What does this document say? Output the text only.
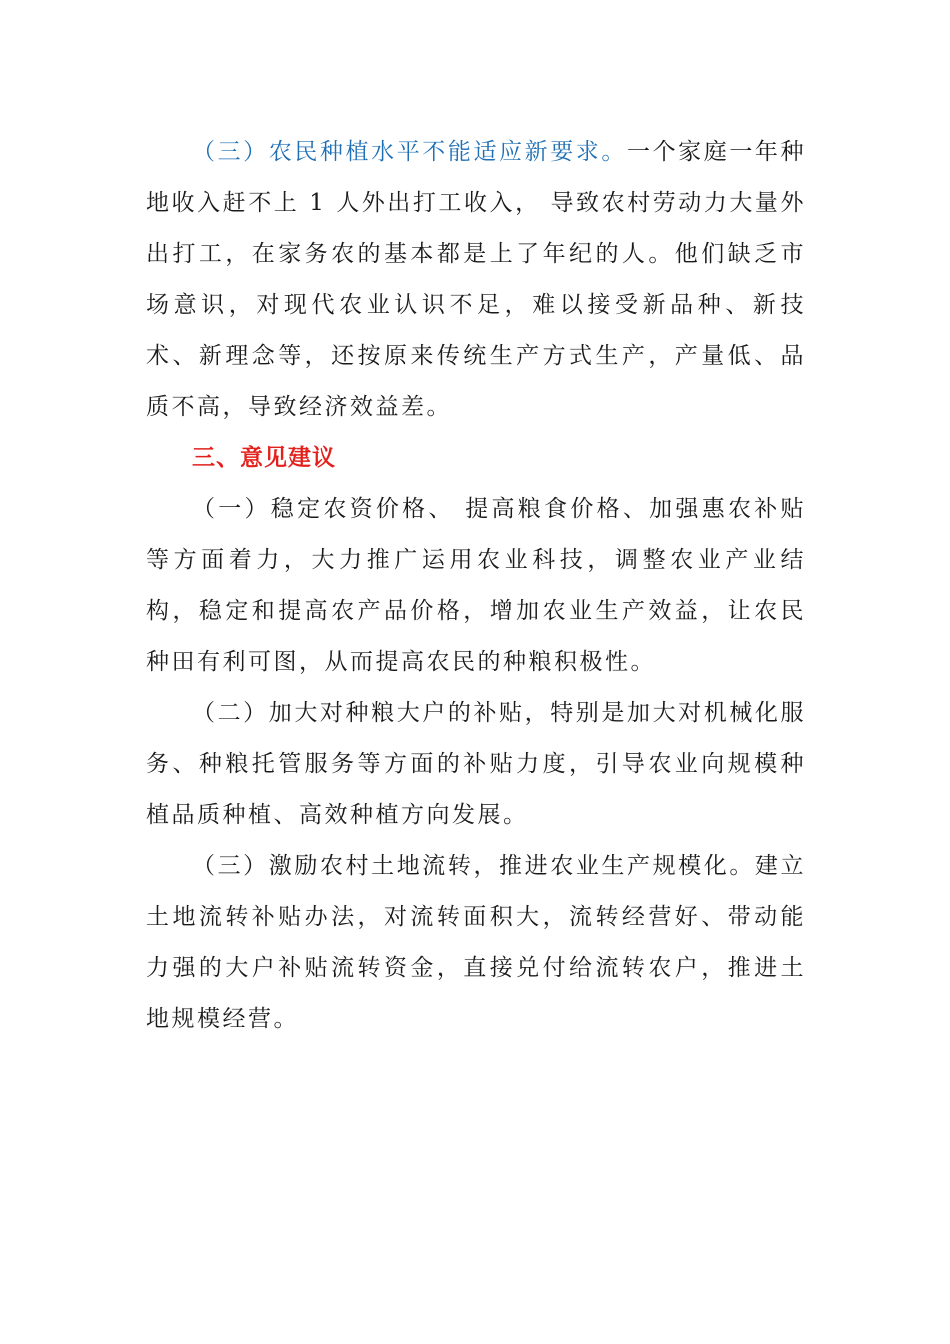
（三）农民种植水平不能适应新要求。一个家庭一年种地收入赶不上 1 人外出打工收入， 导致农村劳动力大量外出打工，在家务农的基本都是上了年纪的人。他们缺乏市场意识，对现代农业认识不足，难以接受新品种、新技术、新理念等，还按原来传统生产方式生产，产量低、品质不高，导致经济效益差。

三、意见建议

（一）稳定农资价格、 提高粮食价格、加强惠农补贴等方面着力，大力推广运用农业科技，调整农业产业结构，稳定和提高农产品价格，增加农业生产效益，让农民种田有利可图，从而提高农民的种粮积极性。

（二）加大对种粮大户的补贴，特别是加大对机械化服务、种粮托管服务等方面的补贴力度，引导农业向规模种植品质种植、高效种植方向发展。

（三）激励农村土地流转，推进农业生产规模化。建立土地流转补贴办法，对流转面积大，流转经营好、带动能力强的大户补贴流转资金，直接兑付给流转农户，推进土地规模经营。
